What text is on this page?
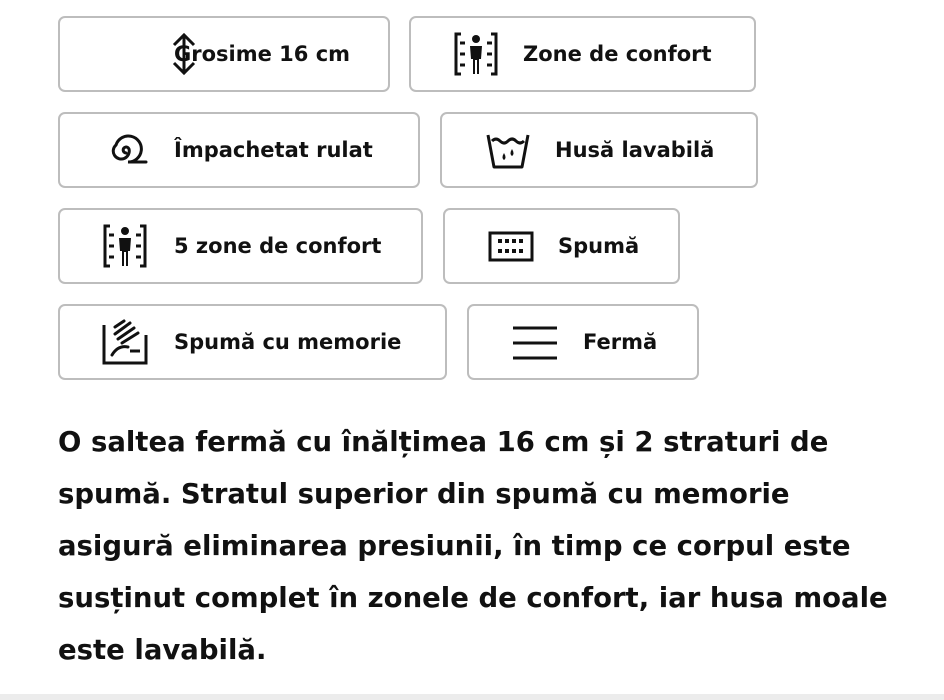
Grosime 16 cm	Zone de confort
Împachetat rulat	Husă lavabilă
5 zone de confort	Spumă
Spumă cu memorie	Fermă

O saltea fermă cu înălțimea 16 cm și 2 straturi de spumă. Stratul superior din spumă cu memorie asigură eliminarea presiunii, în timp ce corpul este susținut complet în zonele de confort, iar husa moale este lavabilă.
